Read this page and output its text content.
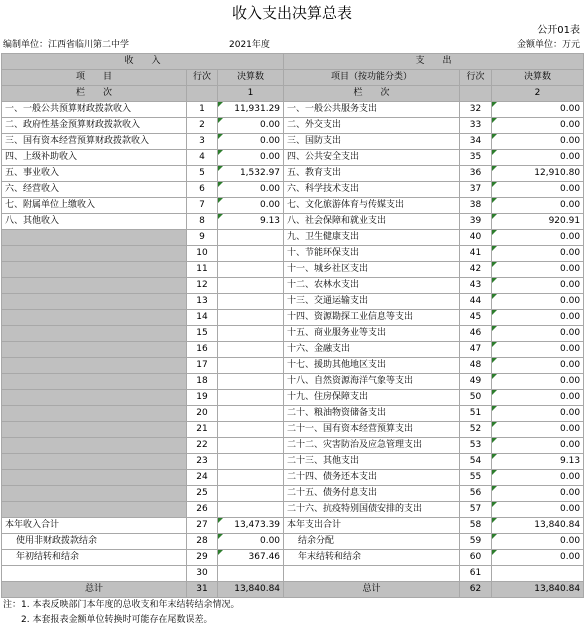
收入支出决算总表
公开01表
编制单位：江西省临川第二中学	2021年度	金额单位：万元
收　　入			支　　出		
项　　目	行次	决算数	项目（按功能分类）	行次	决算数
栏　　次		1	栏　　次		2
一、一般公共预算财政拨款收入	1	11,931.29	一、一般公共服务支出	32	0.00
二、政府性基金预算财政拨款收入	2	0.00	二、外交支出	33	0.00
三、国有资本经营预算财政拨款收入	3	0.00	三、国防支出	34	0.00
四、上级补助收入	4	0.00	四、公共安全支出	35	0.00
五、事业收入	5	1,532.97	五、教育支出	36	12,910.80
六、经营收入	6	0.00	六、科学技术支出	37	0.00
七、附属单位上缴收入	7	0.00	七、文化旅游体育与传媒支出	38	0.00
八、其他收入	8	9.13	八、社会保障和就业支出	39	920.91
	9		九、卫生健康支出	40	0.00
	10		十、节能环保支出	41	0.00
	11		十一、城乡社区支出	42	0.00
	12		十二、农林水支出	43	0.00
	13		十三、交通运输支出	44	0.00
	14		十四、资源勘探工业信息等支出	45	0.00
	15		十五、商业服务业等支出	46	0.00
	16		十六、金融支出	47	0.00
	17		十七、援助其他地区支出	48	0.00
	18		十八、自然资源海洋气象等支出	49	0.00
	19		十九、住房保障支出	50	0.00
	20		二十、粮油物资储备支出	51	0.00
	21		二十一、国有资本经营预算支出	52	0.00
	22		二十二、灾害防治及应急管理支出	53	0.00
	23		二十三、其他支出	54	9.13
	24		二十四、债务还本支出	55	0.00
	25		二十五、债务付息支出	56	0.00
	26		二十六、抗疫特别国债安排的支出	57	0.00
本年收入合计	27	13,473.39	本年支出合计	58	13,840.84
使用非财政拨款结余	28	0.00	结余分配	59	0.00
年初结转和结余	29	367.46	年末结转和结余	60	0.00
	30			61	
总计	31	13,840.84	总计	62	13,840.84
注：1. 本表反映部门本年度的总收支和年末结转结余情况。
2. 本套报表金额单位转换时可能存在尾数误差。
